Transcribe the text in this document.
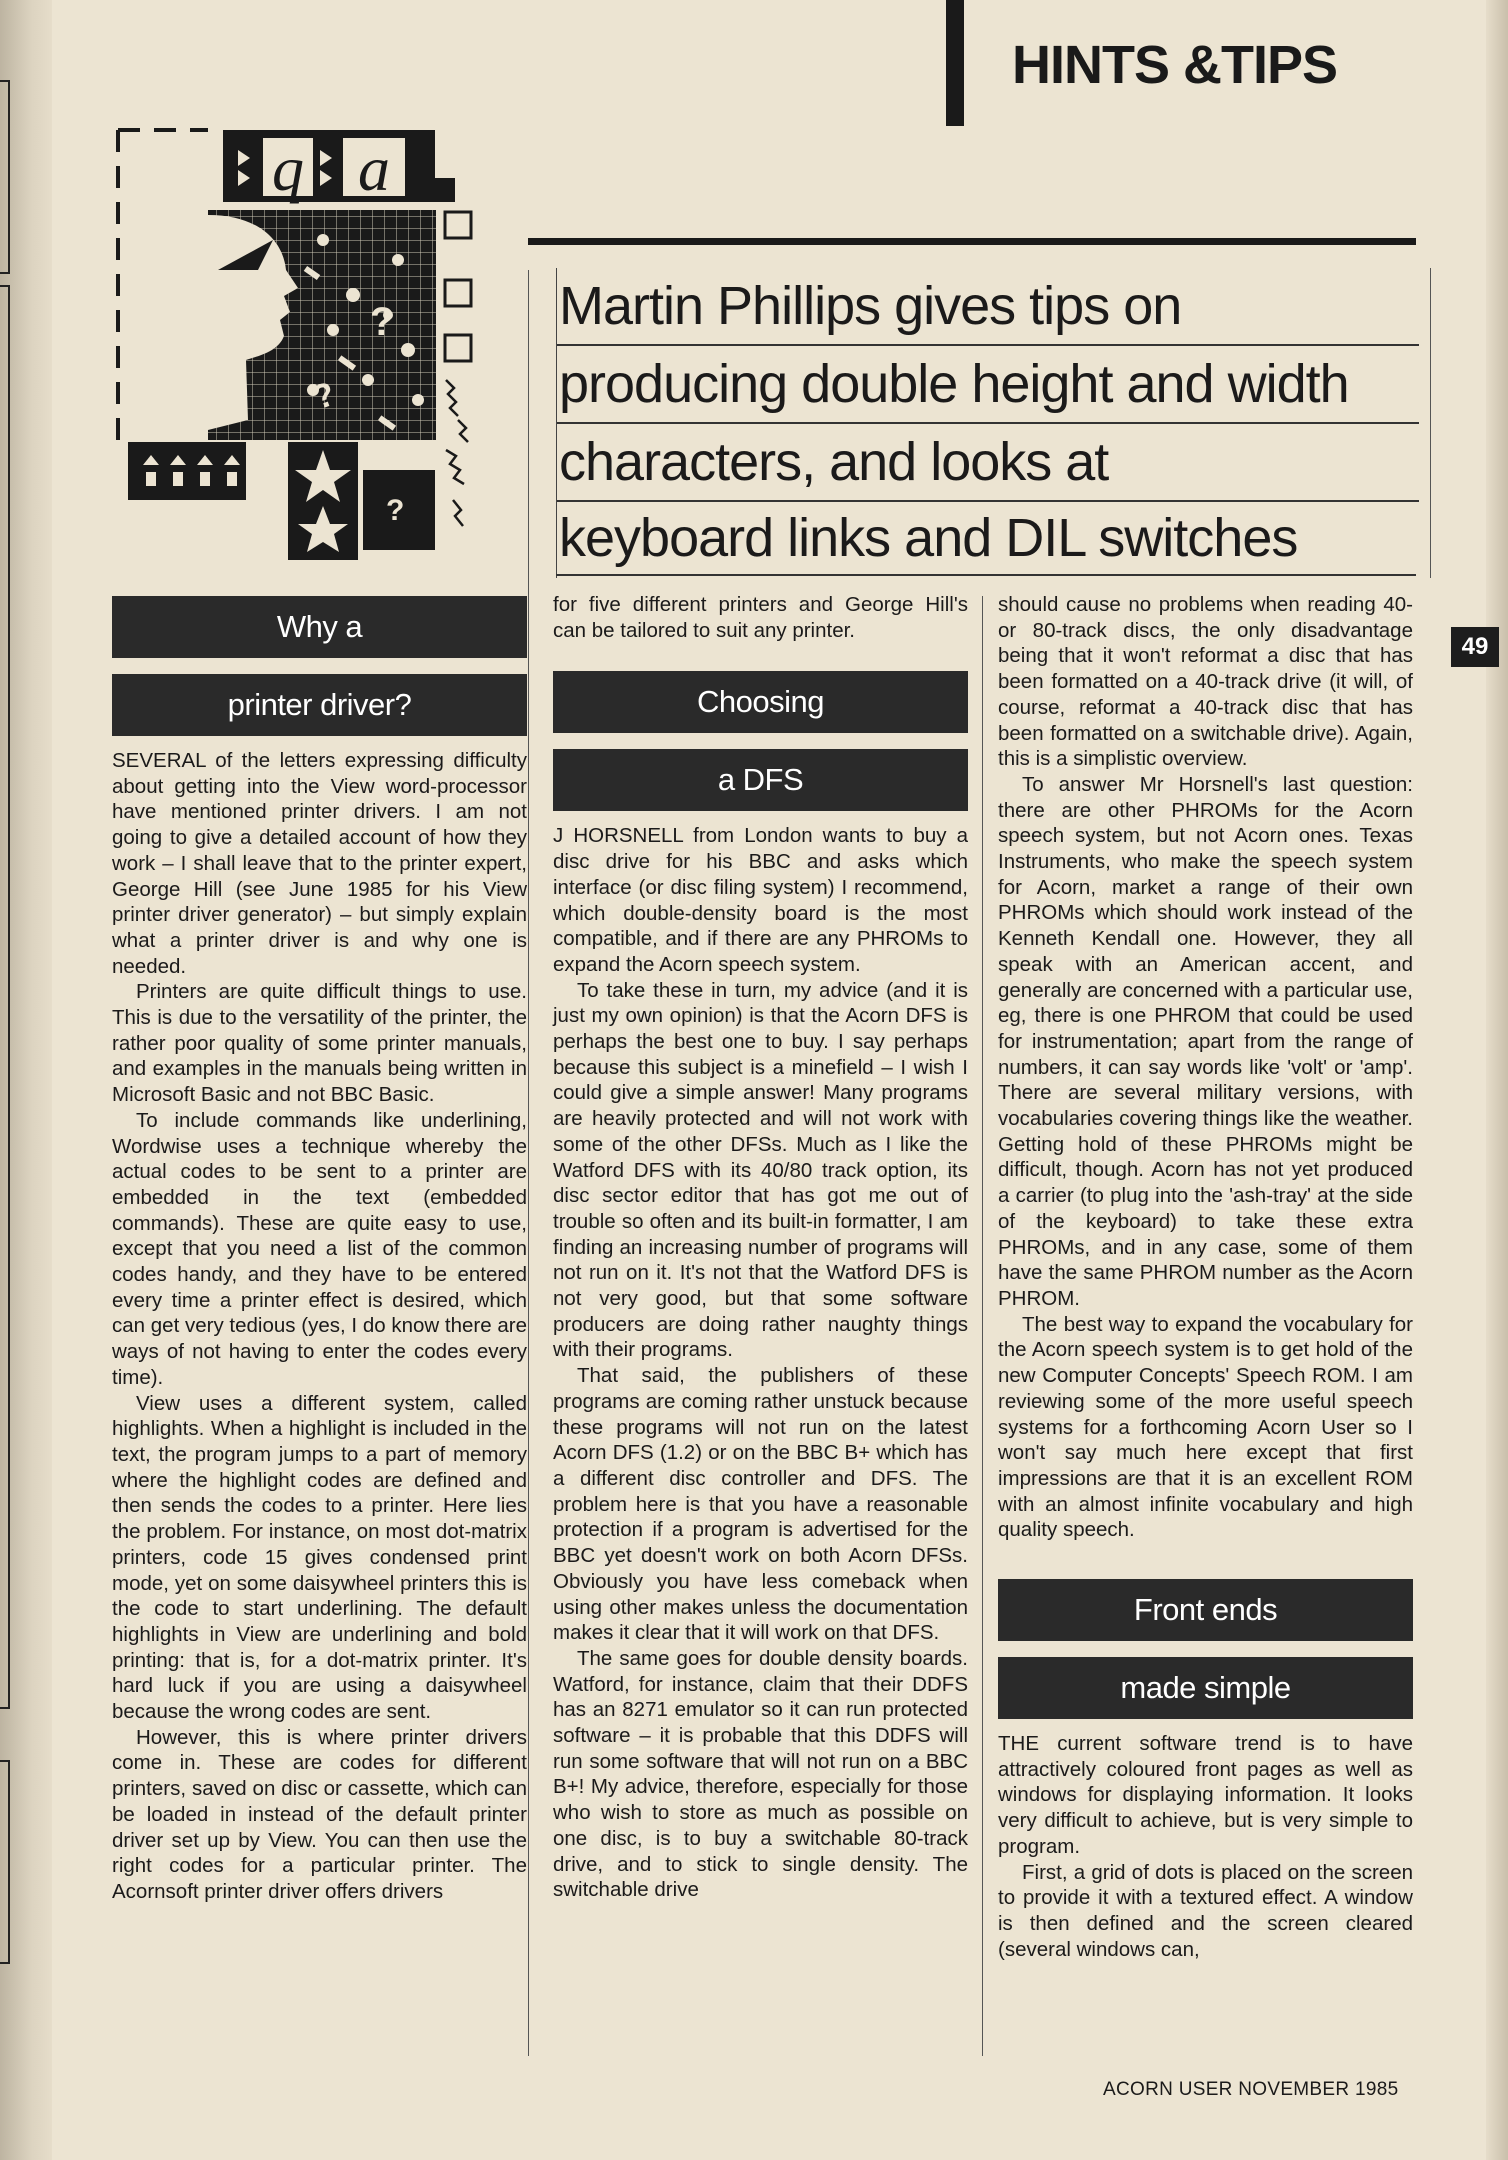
HINTS &TIPS
49
q a
?
?
?
Martin Phillips gives tips on
producing double height and width
characters, and looks at
keyboard links and DIL switches
Why a
printer driver?

SEVERAL of the letters expressing difficulty about getting into the View word-processor have mentioned printer drivers. I am not going to give a detailed account of how they work – I shall leave that to the printer expert, George Hill (see June 1985 for his View printer driver generator) – but simply explain what a printer driver is and why one is needed.

Printers are quite difficult things to use. This is due to the versatility of the printer, the rather poor quality of some printer manuals, and examples in the manuals being written in Microsoft Basic and not BBC Basic.

To include commands like underlining, Wordwise uses a technique whereby the actual codes to be sent to a printer are embedded in the text (embedded commands). These are quite easy to use, except that you need a list of the common codes handy, and they have to be entered every time a printer effect is desired, which can get very tedious (yes, I do know there are ways of not having to enter the codes every time).

View uses a different system, called highlights. When a highlight is included in the text, the program jumps to a part of memory where the highlight codes are defined and then sends the codes to a printer. Here lies the problem. For instance, on most dot-matrix printers, code 15 gives condensed print mode, yet on some daisywheel printers this is the code to start underlining. The default highlights in View are underlining and bold printing: that is, for a dot-matrix printer. It's hard luck if you are using a daisywheel because the wrong codes are sent.

However, this is where printer drivers come in. These are codes for different printers, saved on disc or cassette, which can be loaded in instead of the default printer driver set up by View. You can then use the right codes for a particular printer. The Acornsoft printer driver offers drivers

for five different printers and George Hill's can be tailored to suit any printer.

Choosing
a DFS

J HORSNELL from London wants to buy a disc drive for his BBC and asks which interface (or disc filing system) I recommend, which double-density board is the most compatible, and if there are any PHROMs to expand the Acorn speech system.

To take these in turn, my advice (and it is just my own opinion) is that the Acorn DFS is perhaps the best one to buy. I say perhaps because this subject is a minefield – I wish I could give a simple answer! Many programs are heavily protected and will not work with some of the other DFSs. Much as I like the Watford DFS with its 40/80 track option, its disc sector editor that has got me out of trouble so often and its built-in formatter, I am finding an increasing number of programs will not run on it. It's not that the Watford DFS is not very good, but that some software producers are doing rather naughty things with their programs.

That said, the publishers of these programs are coming rather unstuck because these programs will not run on the latest Acorn DFS (1.2) or on the BBC B+ which has a different disc controller and DFS. The problem here is that you have a reasonable protection if a program is advertised for the BBC yet doesn't work on both Acorn DFSs. Obviously you have less comeback when using other makes unless the documentation makes it clear that it will work on that DFS.

The same goes for double density boards. Watford, for instance, claim that their DDFS has an 8271 emulator so it can run protected software – it is probable that this DDFS will run some software that will not run on a BBC B+! My advice, therefore, especially for those who wish to store as much as possible on one disc, is to buy a switchable 80-track drive, and to stick to single density. The switchable drive

should cause no problems when reading 40- or 80-track discs, the only disadvantage being that it won't reformat a disc that has been formatted on a 40-track drive (it will, of course, reformat a 40-track disc that has been formatted on a switchable drive). Again, this is a simplistic overview.

To answer Mr Horsnell's last question: there are other PHROMs for the Acorn speech system, but not Acorn ones. Texas Instruments, who make the speech system for Acorn, market a range of their own PHROMs which should work instead of the Kenneth Kendall one. However, they all speak with an American accent, and generally are concerned with a particular use, eg, there is one PHROM that could be used for instrumentation; apart from the range of numbers, it can say words like 'volt' or 'amp'. There are several military versions, with vocabularies covering things like the weather. Getting hold of these PHROMs might be difficult, though. Acorn has not yet produced a carrier (to plug into the 'ash-tray' at the side of the keyboard) to take these extra PHROMs, and in any case, some of them have the same PHROM number as the Acorn PHROM.

The best way to expand the vocabulary for the Acorn speech system is to get hold of the new Computer Concepts' Speech ROM. I am reviewing some of the more useful speech systems for a forthcoming Acorn User so I won't say much here except that first impressions are that it is an excellent ROM with an almost infinite vocabulary and high quality speech.

Front ends
made simple

THE current software trend is to have attractively coloured front pages as well as windows for displaying information. It looks very difficult to achieve, but is very simple to program.

First, a grid of dots is placed on the screen to provide it with a textured effect. A window is then defined and the screen cleared (several windows can,

ACORN USER NOVEMBER 1985
